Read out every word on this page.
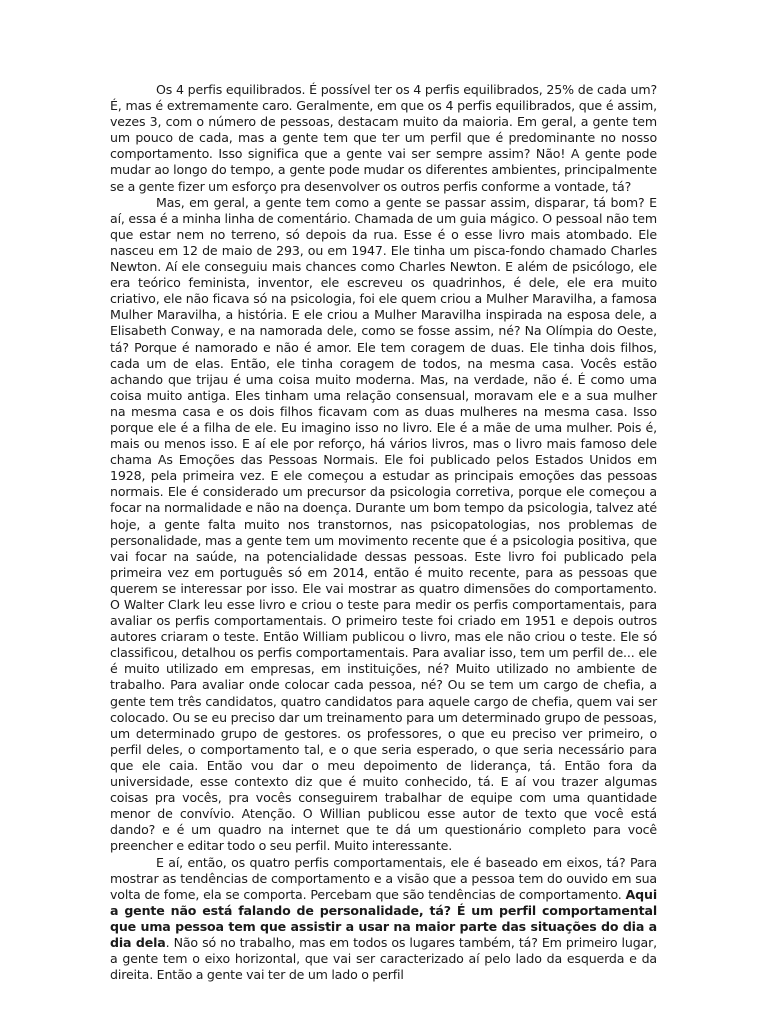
Os 4 perfis equilibrados. É possível ter os 4 perfis equilibrados, 25% de cada um? É, mas é extremamente caro. Geralmente, em que os 4 perfis equilibrados, que é assim, vezes 3, com o número de pessoas, destacam muito da maioria. Em geral, a gente tem um pouco de cada, mas a gente tem que ter um perfil que é predominante no nosso comportamento. Isso significa que a gente vai ser sempre assim? Não! A gente pode mudar ao longo do tempo, a gente pode mudar os diferentes ambientes, principalmente se a gente fizer um esforço pra desenvolver os outros perfis conforme a vontade, tá?

Mas, em geral, a gente tem como a gente se passar assim, disparar, tá bom? E aí, essa é a minha linha de comentário. Chamada de um guia mágico. O pessoal não tem que estar nem no terreno, só depois da rua. Esse é o esse livro mais atombado. Ele nasceu em 12 de maio de 293, ou em 1947. Ele tinha um pisca-fondo chamado Charles Newton. Aí ele conseguiu mais chances como Charles Newton. E além de psicólogo, ele era teórico feminista, inventor, ele escreveu os quadrinhos, é dele, ele era muito criativo, ele não ficava só na psicologia, foi ele quem criou a Mulher Maravilha, a famosa Mulher Maravilha, a história. E ele criou a Mulher Maravilha inspirada na esposa dele, a Elisabeth Conway, e na namorada dele, como se fosse assim, né? Na Olímpia do Oeste, tá? Porque é namorado e não é amor. Ele tem coragem de duas. Ele tinha dois filhos, cada um de elas. Então, ele tinha coragem de todos, na mesma casa. Vocês estão achando que trijau é uma coisa muito moderna. Mas, na verdade, não é. É como uma coisa muito antiga. Eles tinham uma relação consensual, moravam ele e a sua mulher na mesma casa e os dois filhos ficavam com as duas mulheres na mesma casa. Isso porque ele é a filha de ele. Eu imagino isso no livro. Ele é a mãe de uma mulher. Pois é, mais ou menos isso. E aí ele por reforço, há vários livros, mas o livro mais famoso dele chama As Emoções das Pessoas Normais. Ele foi publicado pelos Estados Unidos em 1928, pela primeira vez. E ele começou a estudar as principais emoções das pessoas normais. Ele é considerado um precursor da psicologia corretiva, porque ele começou a focar na normalidade e não na doença. Durante um bom tempo da psicologia, talvez até hoje, a gente falta muito nos transtornos, nas psicopatologias, nos problemas de personalidade, mas a gente tem um movimento recente que é a psicologia positiva, que vai focar na saúde, na potencialidade dessas pessoas. Este livro foi publicado pela primeira vez em português só em 2014, então é muito recente, para as pessoas que querem se interessar por isso. Ele vai mostrar as quatro dimensões do comportamento. O Walter Clark leu esse livro e criou o teste para medir os perfis comportamentais, para avaliar os perfis comportamentais. O primeiro teste foi criado em 1951 e depois outros autores criaram o teste. Então William publicou o livro, mas ele não criou o teste. Ele só classificou, detalhou os perfis comportamentais. Para avaliar isso, tem um perfil de... ele é muito utilizado em empresas, em instituições, né? Muito utilizado no ambiente de trabalho. Para avaliar onde colocar cada pessoa, né? Ou se tem um cargo de chefia, a gente tem três candidatos, quatro candidatos para aquele cargo de chefia, quem vai ser colocado. Ou se eu preciso dar um treinamento para um determinado grupo de pessoas, um determinado grupo de gestores. os professores, o que eu preciso ver primeiro, o perfil deles, o comportamento tal, e o que seria esperado, o que seria necessário para que ele caia. Então vou dar o meu depoimento de liderança, tá. Então fora da universidade, esse contexto diz que é muito conhecido, tá. E aí vou trazer algumas coisas pra vocês, pra vocês conseguirem trabalhar de equipe com uma quantidade menor de convívio. Atenção. O Willian publicou esse autor de texto que você está dando? e é um quadro na internet que te dá um questionário completo para você preencher e editar todo o seu perfil. Muito interessante.

E aí, então, os quatro perfis comportamentais, ele é baseado em eixos, tá? Para mostrar as tendências de comportamento e a visão que a pessoa tem do ouvido em sua volta de fome, ela se comporta. Percebam que são tendências de comportamento. Aqui a gente não está falando de personalidade, tá? É um perfil comportamental que uma pessoa tem que assistir a usar na maior parte das situações do dia a dia dela. Não só no trabalho, mas em todos os lugares também, tá? Em primeiro lugar, a gente tem o eixo horizontal, que vai ser caracterizado aí pelo lado da esquerda e da direita. Então a gente vai ter de um lado o perfil
